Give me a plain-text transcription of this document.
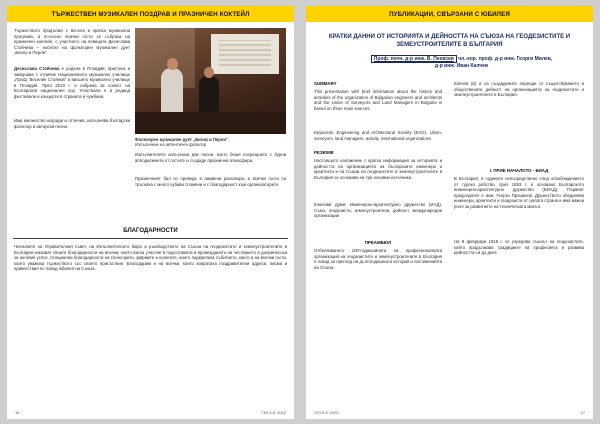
ТЪРЖЕСТВЕН МУЗИКАЛЕН ПОЗДРАВ И ПРАЗНИЧЕН КОКТЕЙЛ

Тържеството продължи с весела и кратка музикална програма, а по-късно всички гости се събраха на празничен коктейл, с участието на певицата Десислава Стойчева – носител на фолклорен музикален дует „Бисер и Перли“.

Десислава Стойчева е родена в Пловдив, пристига и завършва с отличие Националното музикално училище „Проф. Веселин Стоянов“ и висшето музикално училище в Пловдив. През 2010 г. е избрана за солист на Българския национален хор. Участвала е в редица фестивали и концерти в страната и чужбина.

Има множество награди и отличия, изпълнява български фолклор и авторски песни.

Фолклорен музикален дует „Бисер и Перли“
Изпълнение на автентичен фолклор

Изпълнителите изпълниха две песни, което беше посрещнато с бурни аплодисменти от гостите и създаде празнична атмосфера.

Празничният бал се проведе в оживени разговори, а всички гости си тръгнаха с много хубави спомени и с благодарност към организаторите.

БЛАГОДАРНОСТИ

Членовете на Управителния съвет, на Изпълнителното бюро и ръководството на Съюза на геодезистите и землеустроителите в България изказват своите благодарности на всички, които взеха участие в подготовката и провеждането на честването и допринесоха за неговия успех. Специални благодарности на спонсорите, фирмите и колегите, които подкрепиха събитието, както и на всички гости, които уважиха тържеството със своето присъствие. Благодарим и на всички, които изпратиха поздравителни адреси, писма и приветствия по повод юбилея на Съюза.

16	ГКЗ 5-6' 2022
ПУБЛИКАЦИИ, СВЪРЗАНИ С ЮБИЛЕЯ
КРАТКИ ДАННИ ОТ ИСТОРИЯТА И ДЕЙНОСТТА НА СЪЮЗА НА ГЕОДЕЗИСТИТЕ И ЗЕМЕУСТРОИТЕЛИТЕ В БЪЛГАРИЯ
Проф. почч. д-р инж. В. Пеевски чл.-кор. проф. д-р инж. Георги Милев,
д-р инж. Иван Калчев

SUMMARY

This presentation with brief information about the history and activities of the organization of Bulgarian engineers and architects and the Union of Surveyors and Land Managers in Bulgaria is based on three main sources.

Keywords: Engineering and Architectural Society (EAO), Union, surveyors, land managers, activity, international organizations

РЕЗЮМЕ

Настоящото изложение с кратка информация за историята и дейността на организацията на българските инженери и архитекти и на Съюза на геодезистите и землеустроителите в България се основава на три основни източника.

Ключови думи: Инженерно-архитектурно дружество (ИАД), Съюз, геодезисти, землеустроители, дейност, международни организации

ПРЕАМБЮЛ

Отбелязването 100-годишнината на професионалната организация на геодезистите и землеустроителите в България е повод за преглед на дългогодишната история и постиженията на Съюза.

Калчев (й) и са създадените периоди от съществуването и обществената дейност на организацията на геодезистите и землеустроителите в България.

I. ПРИЕ НАЧАЛОТО - БИАД

В България, в годините непосредствено след освобождението от турско робство, през 1893 г. е основано Българското инженерно-архитектурно дружество (БИАД). Първият председател е инж. Георги Прошеков. Дружеството обединява инженери, архитекти и геодезисти от цялата страна и има важна роля за развитието на техническата мисъл.

На 9 февруари 1919 г. се учредява съюзът на геодезистите, който продължава традициите на професията и развива дейността си до днес.

ГКЗ 5-6' 2022	17
